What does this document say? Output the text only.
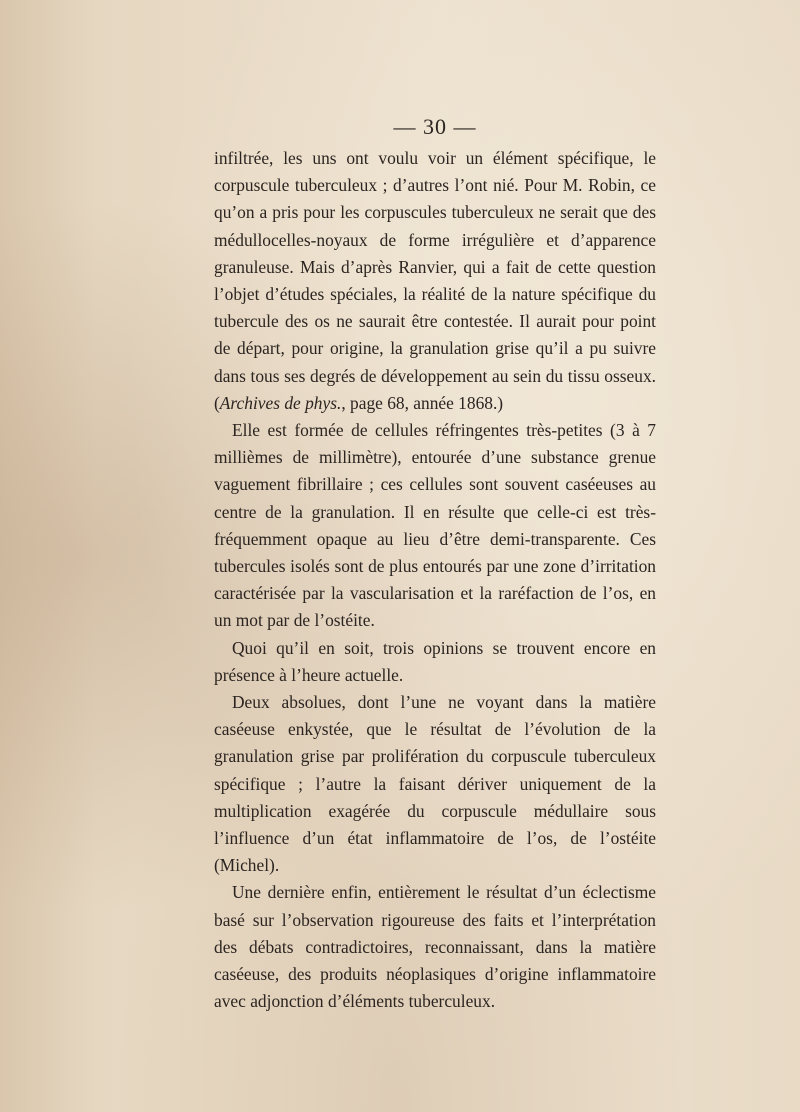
— 30 —

infiltrée, les uns ont voulu voir un élément spécifique, le corpuscule tuberculeux ; d’autres l’ont nié. Pour M. Robin, ce qu’on a pris pour les corpuscules tuberculeux ne serait que des médullocelles-noyaux de forme irrégulière et d’apparence granuleuse. Mais d’après Ranvier, qui a fait de cette question l’objet d’études spéciales, la réalité de la nature spécifique du tubercule des os ne saurait être contestée. Il aurait pour point de départ, pour origine, la granulation grise qu’il a pu suivre dans tous ses degrés de développement au sein du tissu osseux. (Archives de phys., page 68, année 1868.)

Elle est formée de cellules réfringentes très-petites (3 à 7 millièmes de millimètre), entourée d’une substance grenue vaguement fibrillaire ; ces cellules sont souvent caséeuses au centre de la granulation. Il en résulte que celle-ci est très-fréquemment opaque au lieu d’être demi-transparente. Ces tubercules isolés sont de plus entourés par une zone d’irritation caractérisée par la vascularisation et la raréfaction de l’os, en un mot par de l’ostéite.

Quoi qu’il en soit, trois opinions se trouvent encore en présence à l’heure actuelle.

Deux absolues, dont l’une ne voyant dans la matière caséeuse enkystée, que le résultat de l’évolution de la granulation grise par prolifération du corpuscule tuberculeux spécifique ; l’autre la faisant dériver uniquement de la multiplication exagérée du corpuscule médullaire sous l’influence d’un état inflammatoire de l’os, de l’ostéite (Michel).

Une dernière enfin, entièrement le résultat d’un éclectisme basé sur l’observation rigoureuse des faits et l’interprétation des débats contradictoires, reconnaissant, dans la matière caséeuse, des produits néoplasiques d’origine inflammatoire avec adjonction d’éléments tuberculeux.
